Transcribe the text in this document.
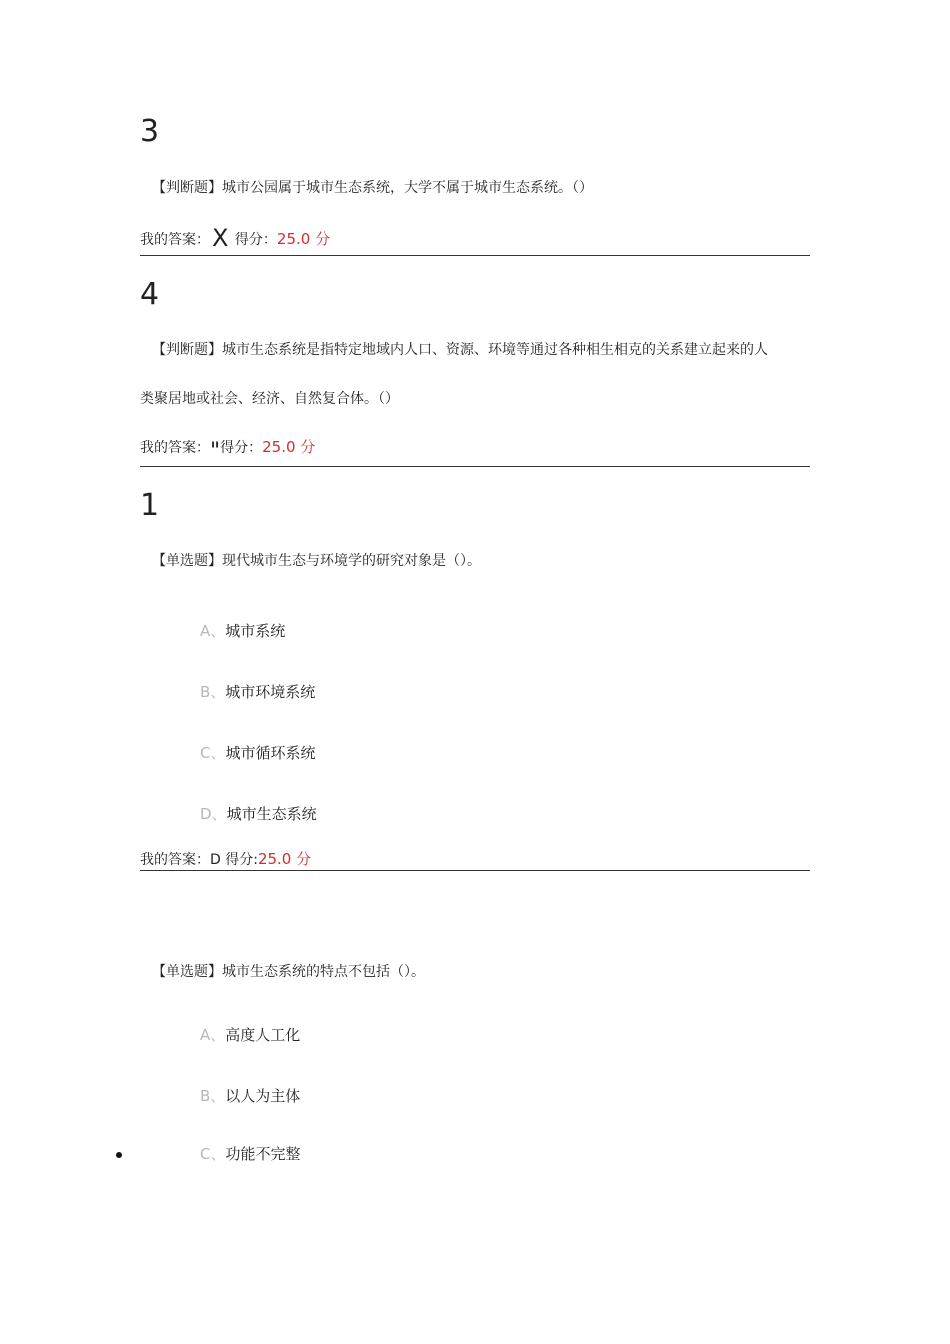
3
【判断题】城市公园属于城市生态系统，大学不属于城市生态系统。（）
我的答案：X 得分：25.0 分
4
【判断题】城市生态系统是指特定地域内人口、资源、环境等通过各种相生相克的关系建立起来的人
类聚居地或社会、经济、自然复合体。（）
我的答案："得分：25.0 分
1
【单选题】现代城市生态与环境学的研究对象是（）。
A、城市系统
B、城市环境系统
C、城市循环系统
D、城市生态系统
我的答案：D 得分:25.0 分
【单选题】城市生态系统的特点不包括（）。
A、高度人工化
B、以人为主体
C、功能不完整
